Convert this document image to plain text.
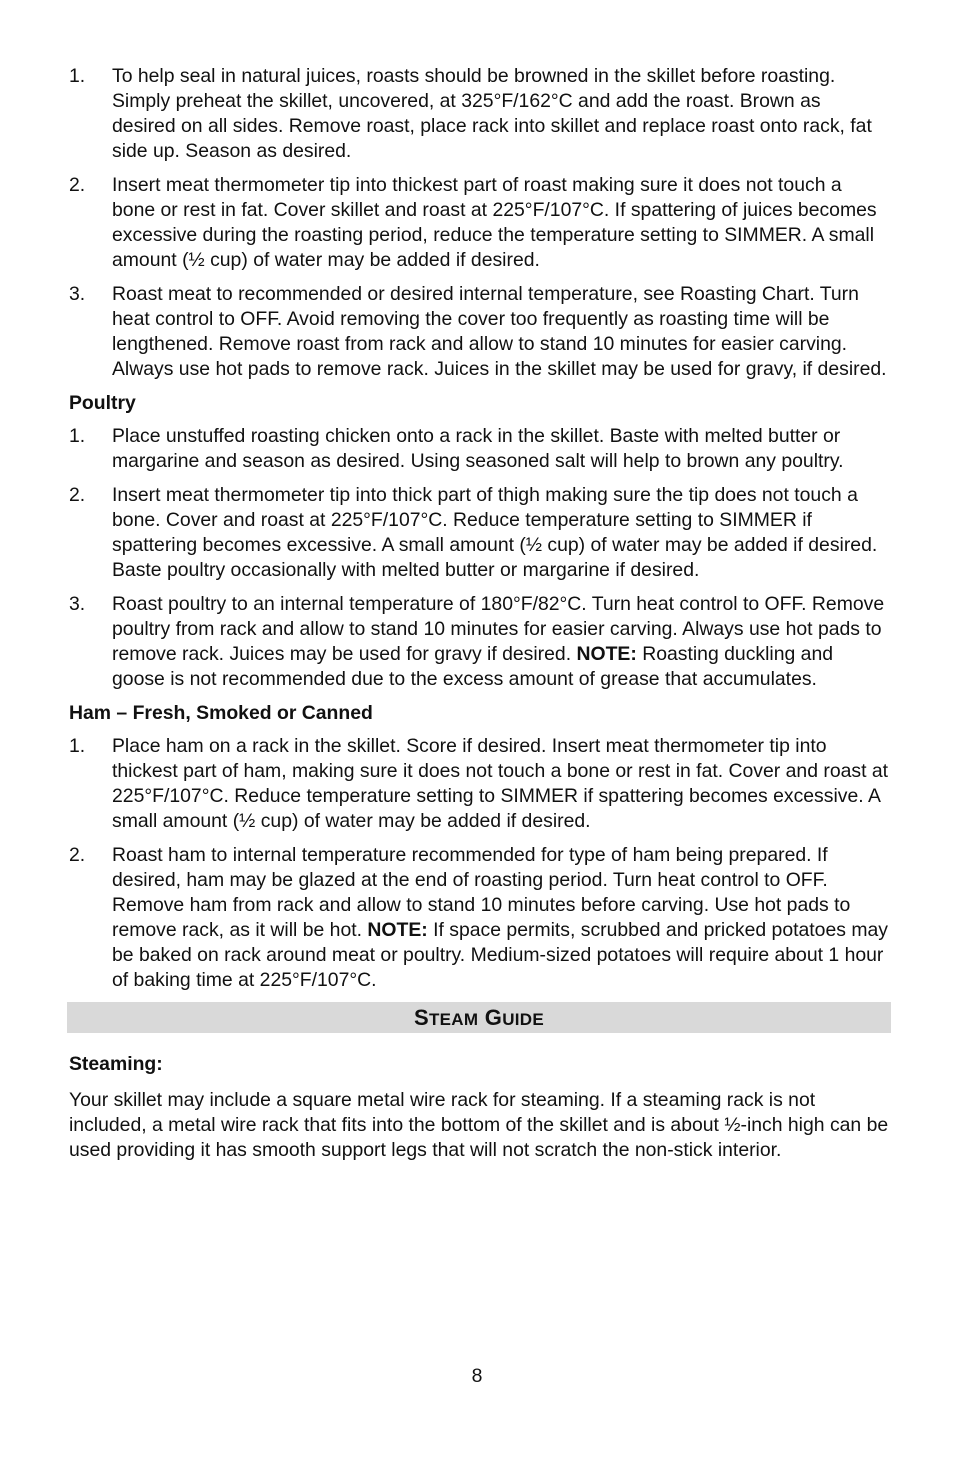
1. To help seal in natural juices, roasts should be browned in the skillet before roasting. Simply preheat the skillet, uncovered, at 325°F/162°C and add the roast. Brown as desired on all sides. Remove roast, place rack into skillet and replace roast onto rack, fat side up. Season as desired.
2. Insert meat thermometer tip into thickest part of roast making sure it does not touch a bone or rest in fat. Cover skillet and roast at 225°F/107°C. If spattering of juices becomes excessive during the roasting period, reduce the temperature setting to SIMMER. A small amount (½ cup) of water may be added if desired.
3. Roast meat to recommended or desired internal temperature, see Roasting Chart. Turn heat control to OFF. Avoid removing the cover too frequently as roasting time will be lengthened. Remove roast from rack and allow to stand 10 minutes for easier carving. Always use hot pads to remove rack. Juices in the skillet may be used for gravy, if desired.
Poultry
1. Place unstuffed roasting chicken onto a rack in the skillet. Baste with melted butter or margarine and season as desired. Using seasoned salt will help to brown any poultry.
2. Insert meat thermometer tip into thick part of thigh making sure the tip does not touch a bone. Cover and roast at 225°F/107°C. Reduce temperature setting to SIMMER if spattering becomes excessive. A small amount (½ cup) of water may be added if desired. Baste poultry occasionally with melted butter or margarine if desired.
3. Roast poultry to an internal temperature of 180°F/82°C. Turn heat control to OFF. Remove poultry from rack and allow to stand 10 minutes for easier carving. Always use hot pads to remove rack. Juices may be used for gravy if desired. NOTE: Roasting duckling and goose is not recommended due to the excess amount of grease that accumulates.
Ham – Fresh, Smoked or Canned
1. Place ham on a rack in the skillet. Score if desired. Insert meat thermometer tip into thickest part of ham, making sure it does not touch a bone or rest in fat. Cover and roast at 225°F/107°C. Reduce temperature setting to SIMMER if spattering becomes excessive. A small amount (½ cup) of water may be added if desired.
2. Roast ham to internal temperature recommended for type of ham being prepared. If desired, ham may be glazed at the end of roasting period. Turn heat control to OFF. Remove ham from rack and allow to stand 10 minutes before carving. Use hot pads to remove rack, as it will be hot. NOTE: If space permits, scrubbed and pricked potatoes may be baked on rack around meat or poultry. Medium-sized potatoes will require about 1 hour of baking time at 225°F/107°C.
STEAM GUIDE
Steaming:

Your skillet may include a square metal wire rack for steaming. If a steaming rack is not included, a metal wire rack that fits into the bottom of the skillet and is about ½-inch high can be used providing it has smooth support legs that will not scratch the non-stick interior.

8
